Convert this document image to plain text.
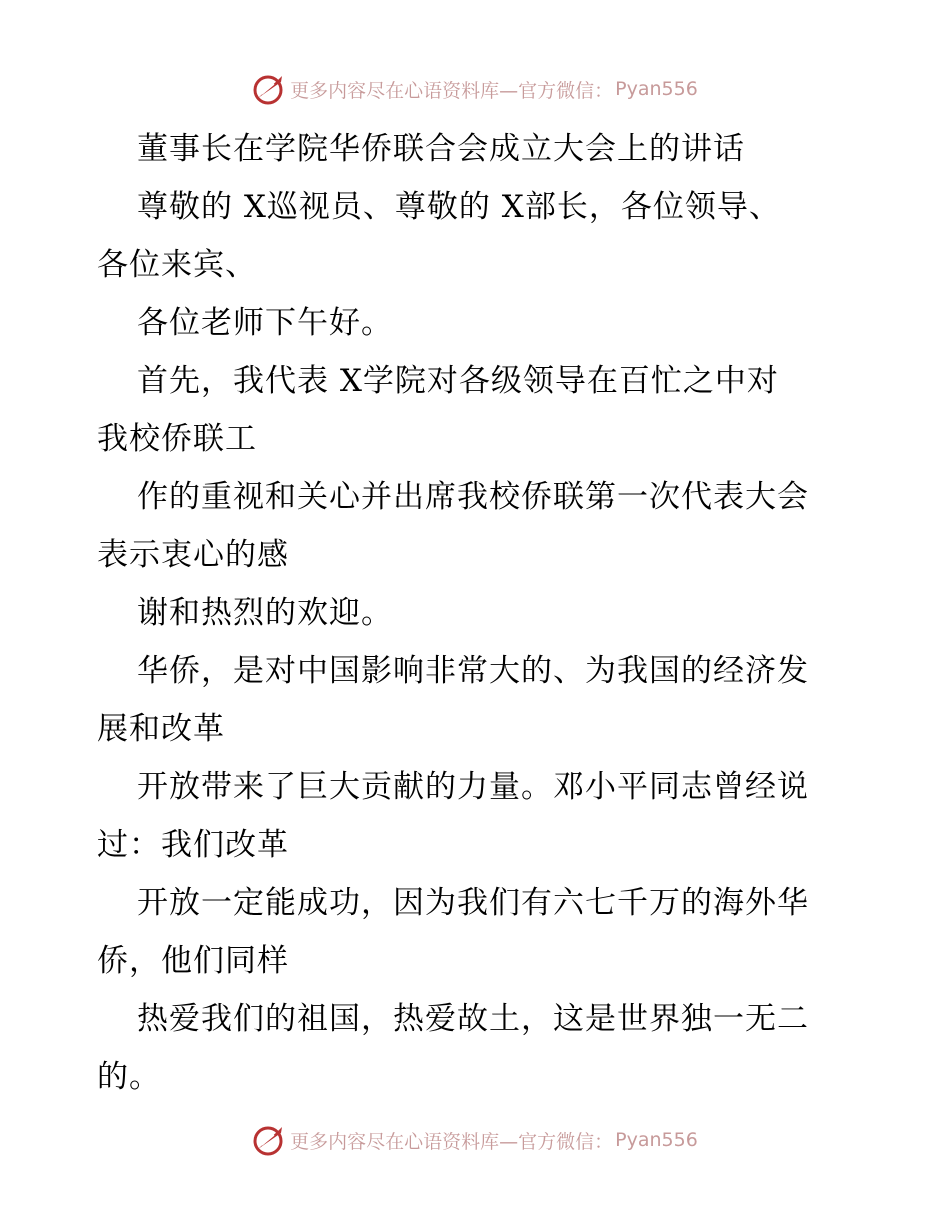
更多内容尽在心语资料库—官方微信： Pyan556
董事长在学院华侨联合会成立大会上的讲话
尊敬的 X巡视员、尊敬的 X部长，各位领导、
各位来宾、
各位老师下午好。
首先，我代表 X学院对各级领导在百忙之中对
我校侨联工
作的重视和关心并出席我校侨联第一次代表大会
表示衷心的感
谢和热烈的欢迎。
华侨，是对中国影响非常大的、为我国的经济发
展和改革
开放带来了巨大贡献的力量。邓小平同志曾经说
过：我们改革
开放一定能成功，因为我们有六七千万的海外华
侨，他们同样
热爱我们的祖国，热爱故土，这是世界独一无二
的。
更多内容尽在心语资料库—官方微信： Pyan556
